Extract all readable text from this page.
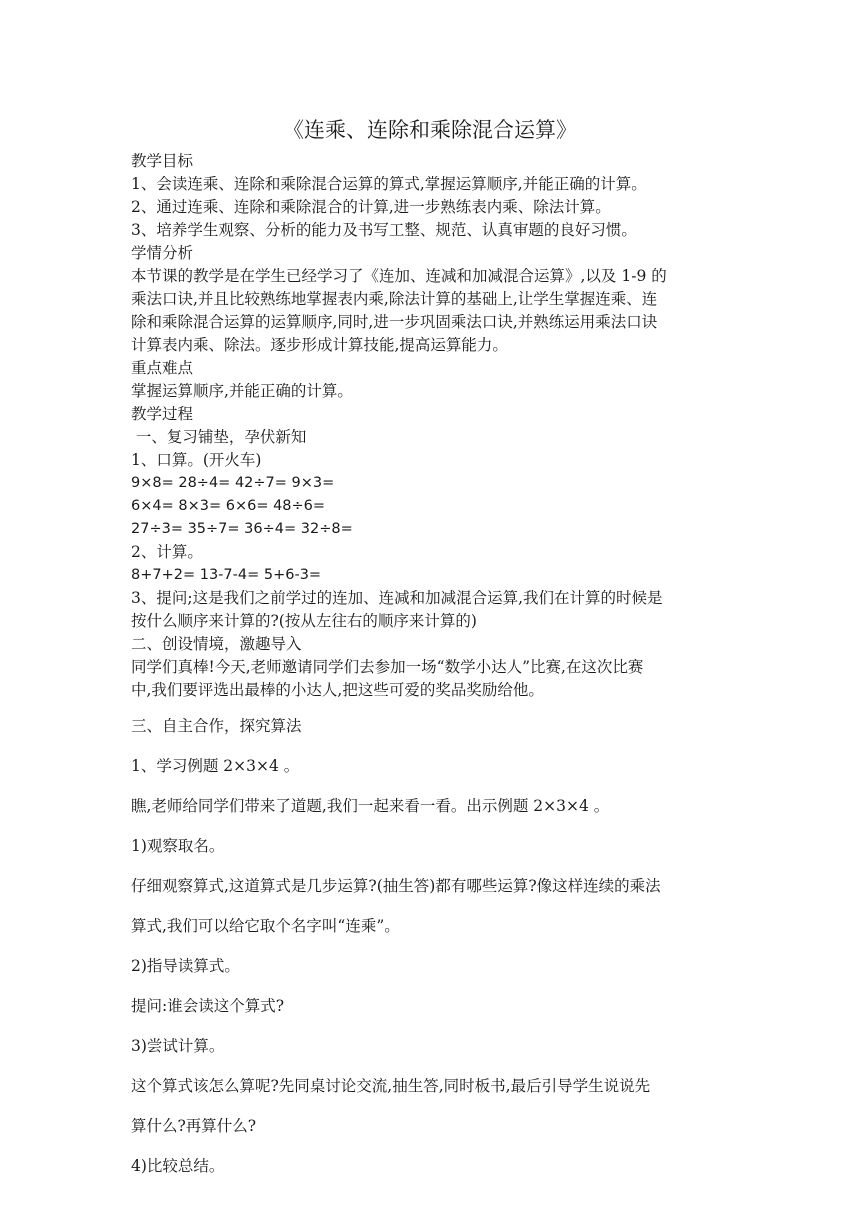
《连乘、连除和乘除混合运算》
教学目标
1、会读连乘、连除和乘除混合运算的算式,掌握运算顺序,并能正确的计算。
2、通过连乘、连除和乘除混合的计算,进一步熟练表内乘、除法计算。
3、培养学生观察、分析的能力及书写工整、规范、认真审题的良好习惯。
学情分析
本节课的教学是在学生已经学习了《连加、连减和加减混合运算》,以及 1-9 的
乘法口诀,并且比较熟练地掌握表内乘,除法计算的基础上,让学生掌握连乘、连
除和乘除混合运算的运算顺序,同时,进一步巩固乘法口诀,并熟练运用乘法口诀
计算表内乘、除法。逐步形成计算技能,提高运算能力。
重点难点
掌握运算顺序,并能正确的计算。
教学过程
一、复习铺垫，孕伏新知
1、口算。(开火车)
9×8= 28÷4= 42÷7= 9×3=
6×4= 8×3= 6×6= 48÷6=
27÷3= 35÷7= 36÷4= 32÷8=
2、计算。
8+7+2= 13-7-4= 5+6-3=
3、提问;这是我们之前学过的连加、连减和加减混合运算,我们在计算的时候是
按什么顺序来计算的?(按从左往右的顺序来计算的)
二、创设情境，激趣导入
同学们真棒!今天,老师邀请同学们去参加一场“数学小达人”比赛,在这次比赛
中,我们要评选出最棒的小达人,把这些可爱的奖品奖励给他。
三、自主合作，探究算法
1、学习例题 2×3×4 。
瞧,老师给同学们带来了道题,我们一起来看一看。出示例题 2×3×4 。
1)观察取名。
仔细观察算式,这道算式是几步运算?(抽生答)都有哪些运算?像这样连续的乘法
算式,我们可以给它取个名字叫“连乘”。
2)指导读算式。
提问:谁会读这个算式?
3)尝试计算。
这个算式该怎么算呢?先同桌讨论交流,抽生答,同时板书,最后引导学生说说先
算什么?再算什么?
4)比较总结。
